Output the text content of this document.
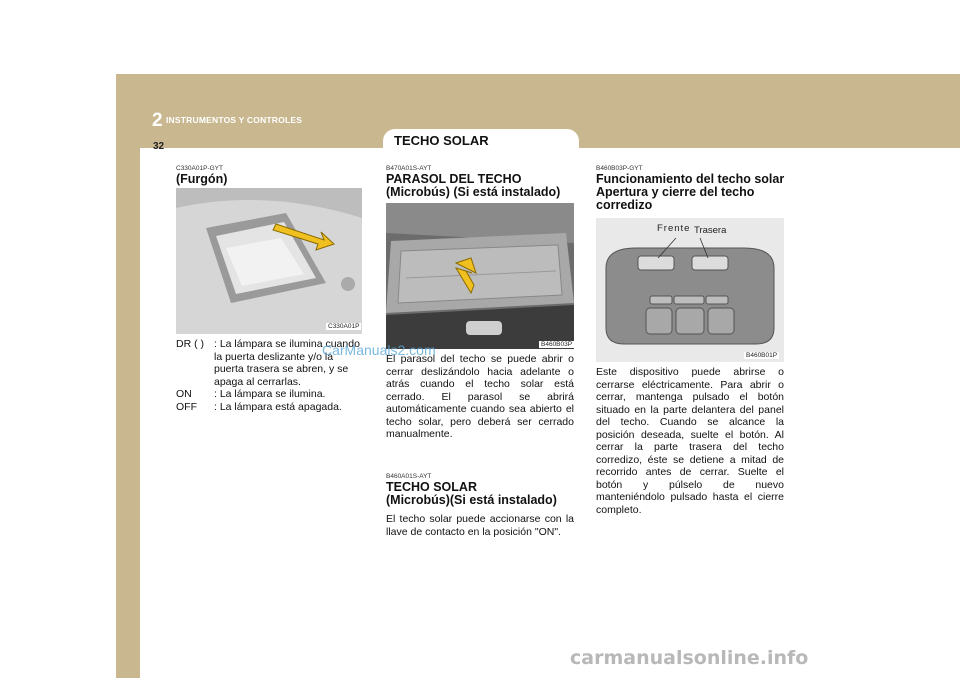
2 INSTRUMENTOS Y CONTROLES
TECHO SOLAR
32
C330A01P-GYT
(Furgón)
C330A01P
DR ( ) : La lámpara se ilumina cuando la puerta deslizante y/o la puerta trasera se abren, y se apaga al cerrarlas.
ON	: La lámpara se ilumina.
OFF	: La lámpara está apagada.
B470A01S-AYT
PARASOL DEL TECHO
(Microbús) (Si está instalado)
B460B03P
El parasol del techo se puede abrir o cerrar deslizándolo hacia adelante o atrás cuando el techo solar está cerrado. El parasol se abrirá automáticamente cuando sea abierto el techo solar, pero deberá ser cerrado manualmente.
B460A01S-AYT
TECHO SOLAR
(Microbús)(Si está instalado)
El techo solar puede accionarse con la llave de contacto en la posición "ON".
B460B03P-GYT
Funcionamiento del techo solar
Apertura y cierre del techo
corredizo
Frente Trasera
B460B01P
Este dispositivo puede abrirse o cerrarse eléctricamente. Para abrir o cerrar, mantenga pulsado el botón situado en la parte delantera del panel del techo. Cuando se alcance la posición deseada, suelte el botón. Al cerrar la parte trasera del techo corredizo, éste se detiene a mitad de recorrido antes de cerrar. Suelte el botón y púlselo de nuevo manteniéndolo pulsado hasta el cierre completo.
CarManuals2.com
carmanualsonline.info
